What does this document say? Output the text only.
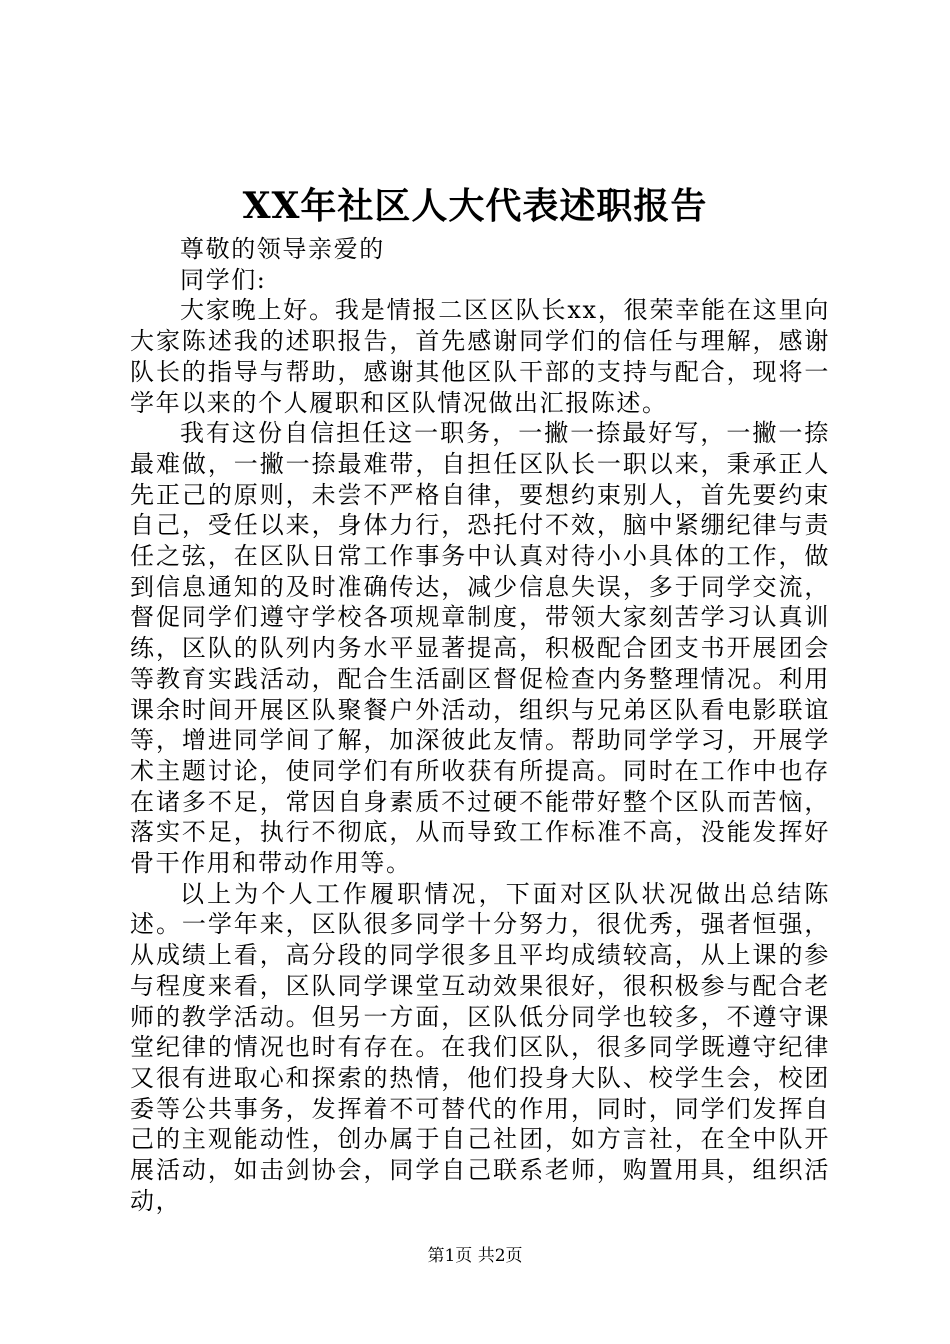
XX年社区人大代表述职报告

尊敬的领导亲爱的

同学们:

大家晚上好。我是情报二区区队长xx，很荣幸能在这里向大家陈述我的述职报告，首先感谢同学们的信任与理解，感谢队长的指导与帮助，感谢其他区队干部的支持与配合，现将一学年以来的个人履职和区队情况做出汇报陈述。

我有这份自信担任这一职务，一撇一捺最好写，一撇一捺最难做，一撇一捺最难带，自担任区队长一职以来，秉承正人先正己的原则，未尝不严格自律，要想约束别人，首先要约束自己，受任以来，身体力行，恐托付不效，脑中紧绷纪律与责任之弦，在区队日常工作事务中认真对待小小具体的工作，做到信息通知的及时准确传达，减少信息失误，多于同学交流，督促同学们遵守学校各项规章制度，带领大家刻苦学习认真训练，区队的队列内务水平显著提高，积极配合团支书开展团会等教育实践活动，配合生活副区督促检查内务整理情况。利用课余时间开展区队聚餐户外活动，组织与兄弟区队看电影联谊等，增进同学间了解，加深彼此友情。帮助同学学习，开展学术主题讨论，使同学们有所收获有所提高。同时在工作中也存在诸多不足，常因自身素质不过硬不能带好整个区队而苦恼，落实不足，执行不彻底，从而导致工作标准不高，没能发挥好骨干作用和带动作用等。

以上为个人工作履职情况，下面对区队状况做出总结陈述。一学年来，区队很多同学十分努力，很优秀，强者恒强，从成绩上看，高分段的同学很多且平均成绩较高，从上课的参与程度来看，区队同学课堂互动效果很好，很积极参与配合老师的教学活动。但另一方面，区队低分同学也较多，不遵守课堂纪律的情况也时有存在。在我们区队，很多同学既遵守纪律又很有进取心和探索的热情，他们投身大队、校学生会，校团委等公共事务，发挥着不可替代的作用，同时，同学们发挥自己的主观能动性，创办属于自己社团，如方言社，在全中队开展活动，如击剑协会，同学自己联系老师，购置用具，组织活动，

第1页 共2页
